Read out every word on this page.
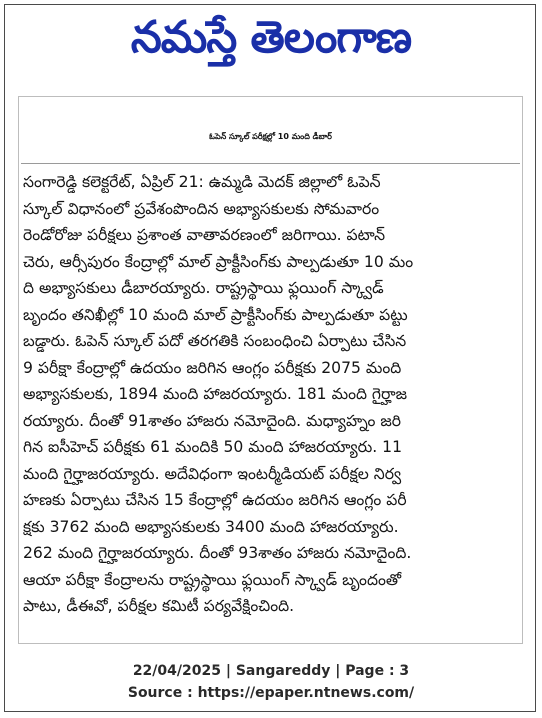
నమస్తే తెలంగాణ
ఓపెన్ స్కూల్ పరీక్షల్లో 10 మంది డీబార్
సంగారెడ్డి కలెక్టరేట్, ఏప్రిల్ 21: ఉమ్మడి మెదక్ జిల్లాలో ఓపెన్
స్కూల్ విధానంలో ప్రవేశంపొందిన అభ్యాసకులకు సోమవారం
రెండోరోజు పరీక్షలు ప్రశాంత వాతావరణంలో జరిగాయి. పటాన్
చెరు, ఆర్సీపురం కేంద్రాల్లో మాల్ ప్రాక్టీసింగ్‌కు పాల్పడుతూ 10 మం
ది అభ్యాసకులు డీబారయ్యారు. రాష్ట్రస్థాయి ఫ్లయింగ్ స్క్వాడ్
బృందం తనిఖీల్లో 10 మంది మాల్ ప్రాక్టీసింగ్‌కు పాల్పడుతూ పట్టు
బడ్డారు. ఓపెన్ స్కూల్ పదో తరగతికి సంబంధించి ఏర్పాటు చేసిన
9 పరీక్షా కేంద్రాల్లో ఉదయం జరిగిన ఆంగ్లం పరీక్షకు 2075 మంది
అభ్యాసకులకు, 1894 మంది హాజరయ్యారు. 181 మంది గైర్హాజ
రయ్యారు. దీంతో 91శాతం హాజరు నమోదైంది. మధ్యాహ్నం జరి
గిన ఐసీహెచ్ పరీక్షకు 61 మందికి 50 మంది హాజరయ్యారు. 11
మంది గైర్హాజరయ్యారు. అదేవిధంగా ఇంటర్మీడియట్ పరీక్షల నిర్వ
హణకు ఏర్పాటు చేసిన 15 కేంద్రాల్లో ఉదయం జరిగిన ఆంగ్లం పరీ
క్షకు 3762 మంది అభ్యాసకులకు 3400 మంది హాజరయ్యారు.
262 మంది గైర్హాజరయ్యారు. దీంతో 93శాతం హాజరు నమోదైంది.
ఆయా పరీక్షా కేంద్రాలను రాష్ట్రస్థాయి ఫ్లయింగ్ స్క్వాడ్ బృందంతో
పాటు, డీఈవో, పరీక్షల కమిటీ పర్యవేక్షించింది.
22/04/2025 | Sangareddy | Page : 3
Source : https://epaper.ntnews.com/
